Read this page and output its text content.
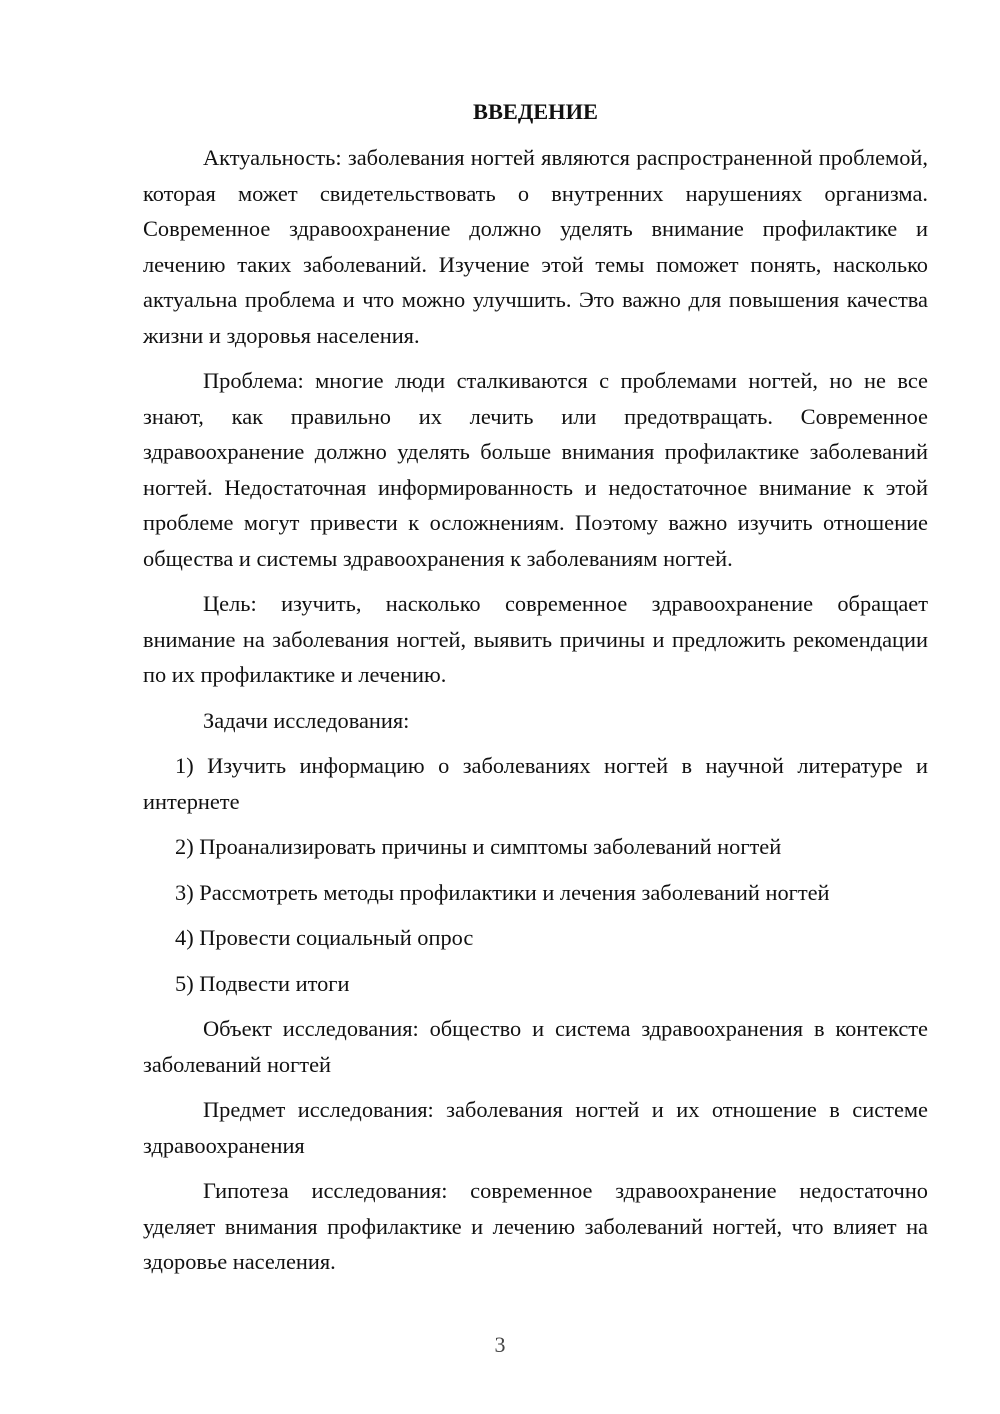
ВВЕДЕНИЕ

Актуальность: заболевания ногтей являются распространенной проблемой, которая может свидетельствовать о внутренних нарушениях организма. Современное здравоохранение должно уделять внимание профилактике и лечению таких заболеваний. Изучение этой темы поможет понять, насколько актуальна проблема и что можно улучшить. Это важно для повышения качества жизни и здоровья населения.

Проблема: многие люди сталкиваются с проблемами ногтей, но не все знают, как правильно их лечить или предотвращать. Современное здравоохранение должно уделять больше внимания профилактике заболеваний ногтей. Недостаточная информированность и недостаточное внимание к этой проблеме могут привести к осложнениям. Поэтому важно изучить отношение общества и системы здравоохранения к заболеваниям ногтей.

Цель: изучить, насколько современное здравоохранение обращает внимание на заболевания ногтей, выявить причины и предложить рекомендации по их профилактике и лечению.

Задачи исследования:

1) Изучить информацию о заболеваниях ногтей в научной литературе и интернете
2) Проанализировать причины и симптомы заболеваний ногтей
3) Рассмотреть методы профилактики и лечения заболеваний ногтей
4) Провести социальный опрос
5) Подвести итоги

Объект исследования: общество и система здравоохранения в контексте заболеваний ногтей

Предмет исследования: заболевания ногтей и их отношение в системе здравоохранения

Гипотеза исследования: современное здравоохранение недостаточно уделяет внимания профилактике и лечению заболеваний ногтей, что влияет на здоровье населения.

3
